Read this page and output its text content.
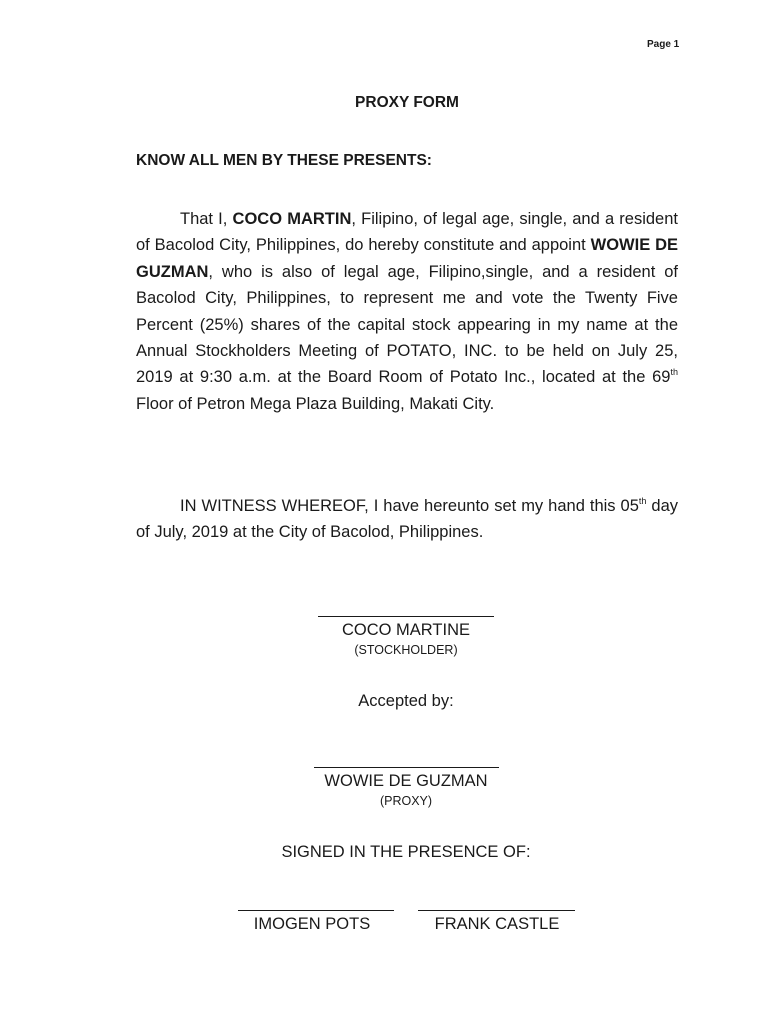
Page 1
PROXY FORM
KNOW ALL MEN BY THESE PRESENTS:

That I, COCO MARTIN, Filipino, of legal age, single, and a resident of Bacolod City, Philippines, do hereby constitute and appoint WOWIE DE GUZMAN, who is also of legal age, Filipino,single, and a resident of Bacolod City, Philippines, to represent me and vote the Twenty Five Percent (25%) shares of the capital stock appearing in my name at the Annual Stockholders Meeting of POTATO, INC. to be held on July 25, 2019 at 9:30 a.m. at the Board Room of Potato Inc., located at the 69th Floor of Petron Mega Plaza Building, Makati City.

IN WITNESS WHEREOF, I have hereunto set my hand this 05th day of July, 2019 at the City of Bacolod, Philippines.

COCO MARTINE
(STOCKHOLDER)
Accepted by:
WOWIE DE GUZMAN
(PROXY)
SIGNED IN THE PRESENCE OF:
IMOGEN POTS	FRANK CASTLE
